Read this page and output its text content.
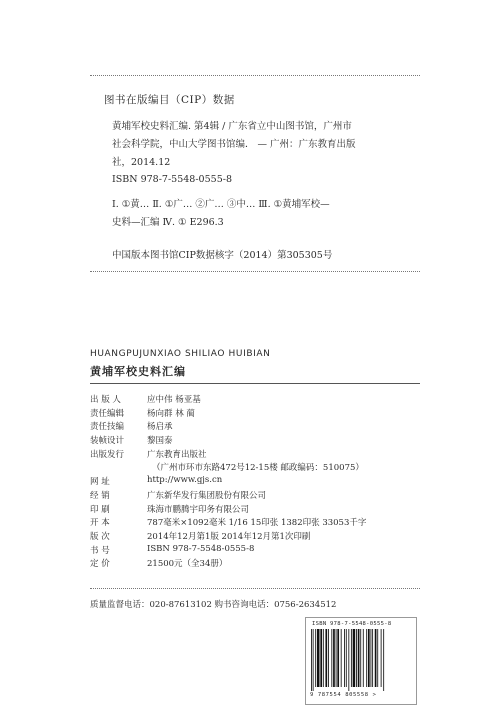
图书在版编目（CIP）数据
黄埔军校史料汇编. 第4辑 / 广东省立中山图书馆，广州市
社会科学院，中山大学图书馆编． — 广州：广东教育出版
社，2014.12
ISBN 978-7-5548-0555-8
Ⅰ. ①黄… Ⅱ. ①广… ②广… ③中… Ⅲ. ①黄埔军校—
史料—汇编 Ⅳ. ① E296.3
中国版本图书馆CIP数据核字（2014）第305305号
HUANGPUJUNXIAO SHILIAO HUIBIAN
黄埔军校史料汇编
出 版 人	应中伟 杨亚基
责任编辑	杨向群 林 蔺
责任技编	杨启承
装帧设计	黎国泰
出版发行	广东教育出版社
（广州市环市东路472号12-15楼 邮政编码：510075）
网 址	http://www.gjs.cn
经 销	广东新华发行集团股份有限公司
印 刷	珠海市鹏腾宇印务有限公司
开 本	787毫米×1092毫米 1/16 15印张 1382印张 33053千字
版 次	2014年12月第1版 2014年12月第1次印刷
书 号	ISBN 978-7-5548-0555-8
定 价	21500元（全34册）
质量监督电话：020-87613102 购书咨询电话：0756-2634512
ISBN 978-7-5548-0555-8
9 787554 805558 >
